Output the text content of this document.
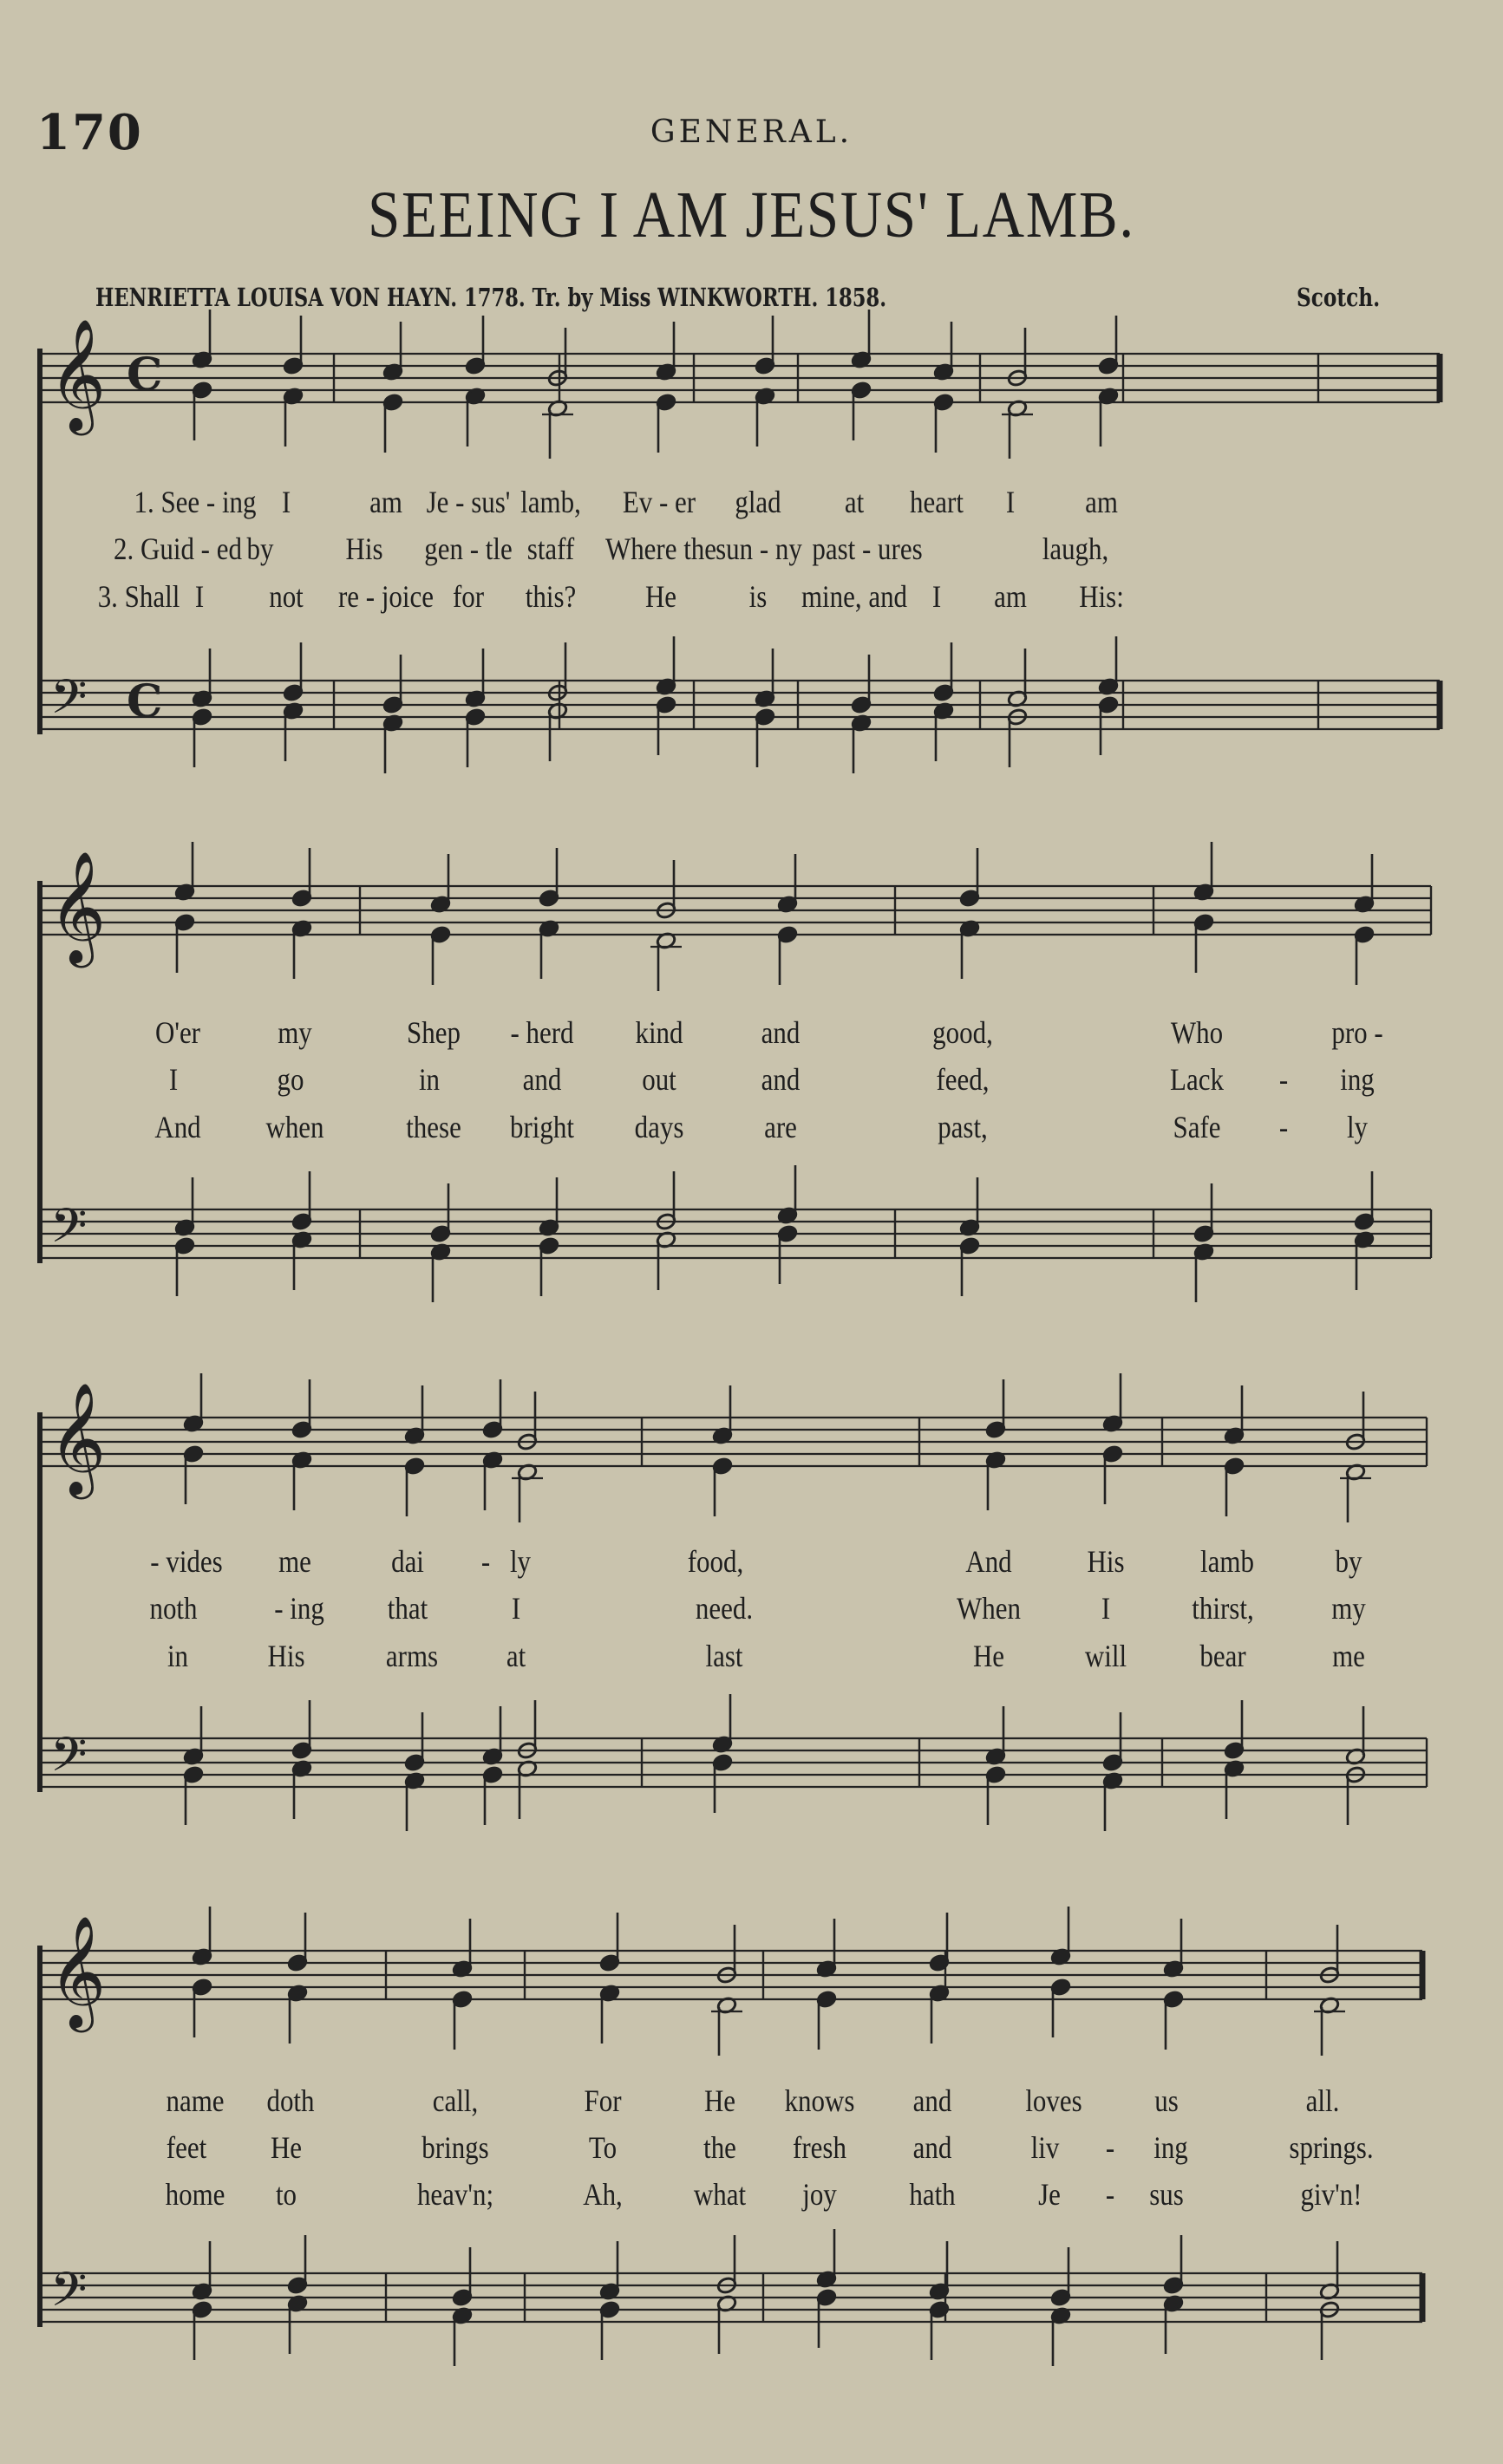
170	GENERAL.
SEEING I AM JESUS' LAMB.
HENRIETTA LOUISA VON HAYN. 1778. Tr. by Miss WINKWORTH. 1858.	Scotch.
𝄞
𝄢
C
C
𝄞
𝄢
𝄞
𝄢
𝄞
𝄢
1. See - ing I	am Je - sus' lamb, Ev - er glad at heart I am
2. Guid - ed by His gen - tle staff Where the sun - ny past - ures	laugh,
3. Shall I not re - joice for this? He is mine, and I am His:
O'er my	Shep - herd kind	and	good,	Who	pro -
I	go	in	and	out	and	feed,	Lack - ing
And when	these bright days	are	past,	Safe - ly
- vides me	dai - ly	food,	And His lamb	by
noth - ing that	I	need.	When	I	thirst, my
in	His	arms at	last	He	will bear	me
name doth	call,	For	He knows and loves us	all.
feet He	brings	To	the fresh and	liv - ing	springs.
home to	heav'n;	Ah, what joy hath	Je - sus	giv'n!
